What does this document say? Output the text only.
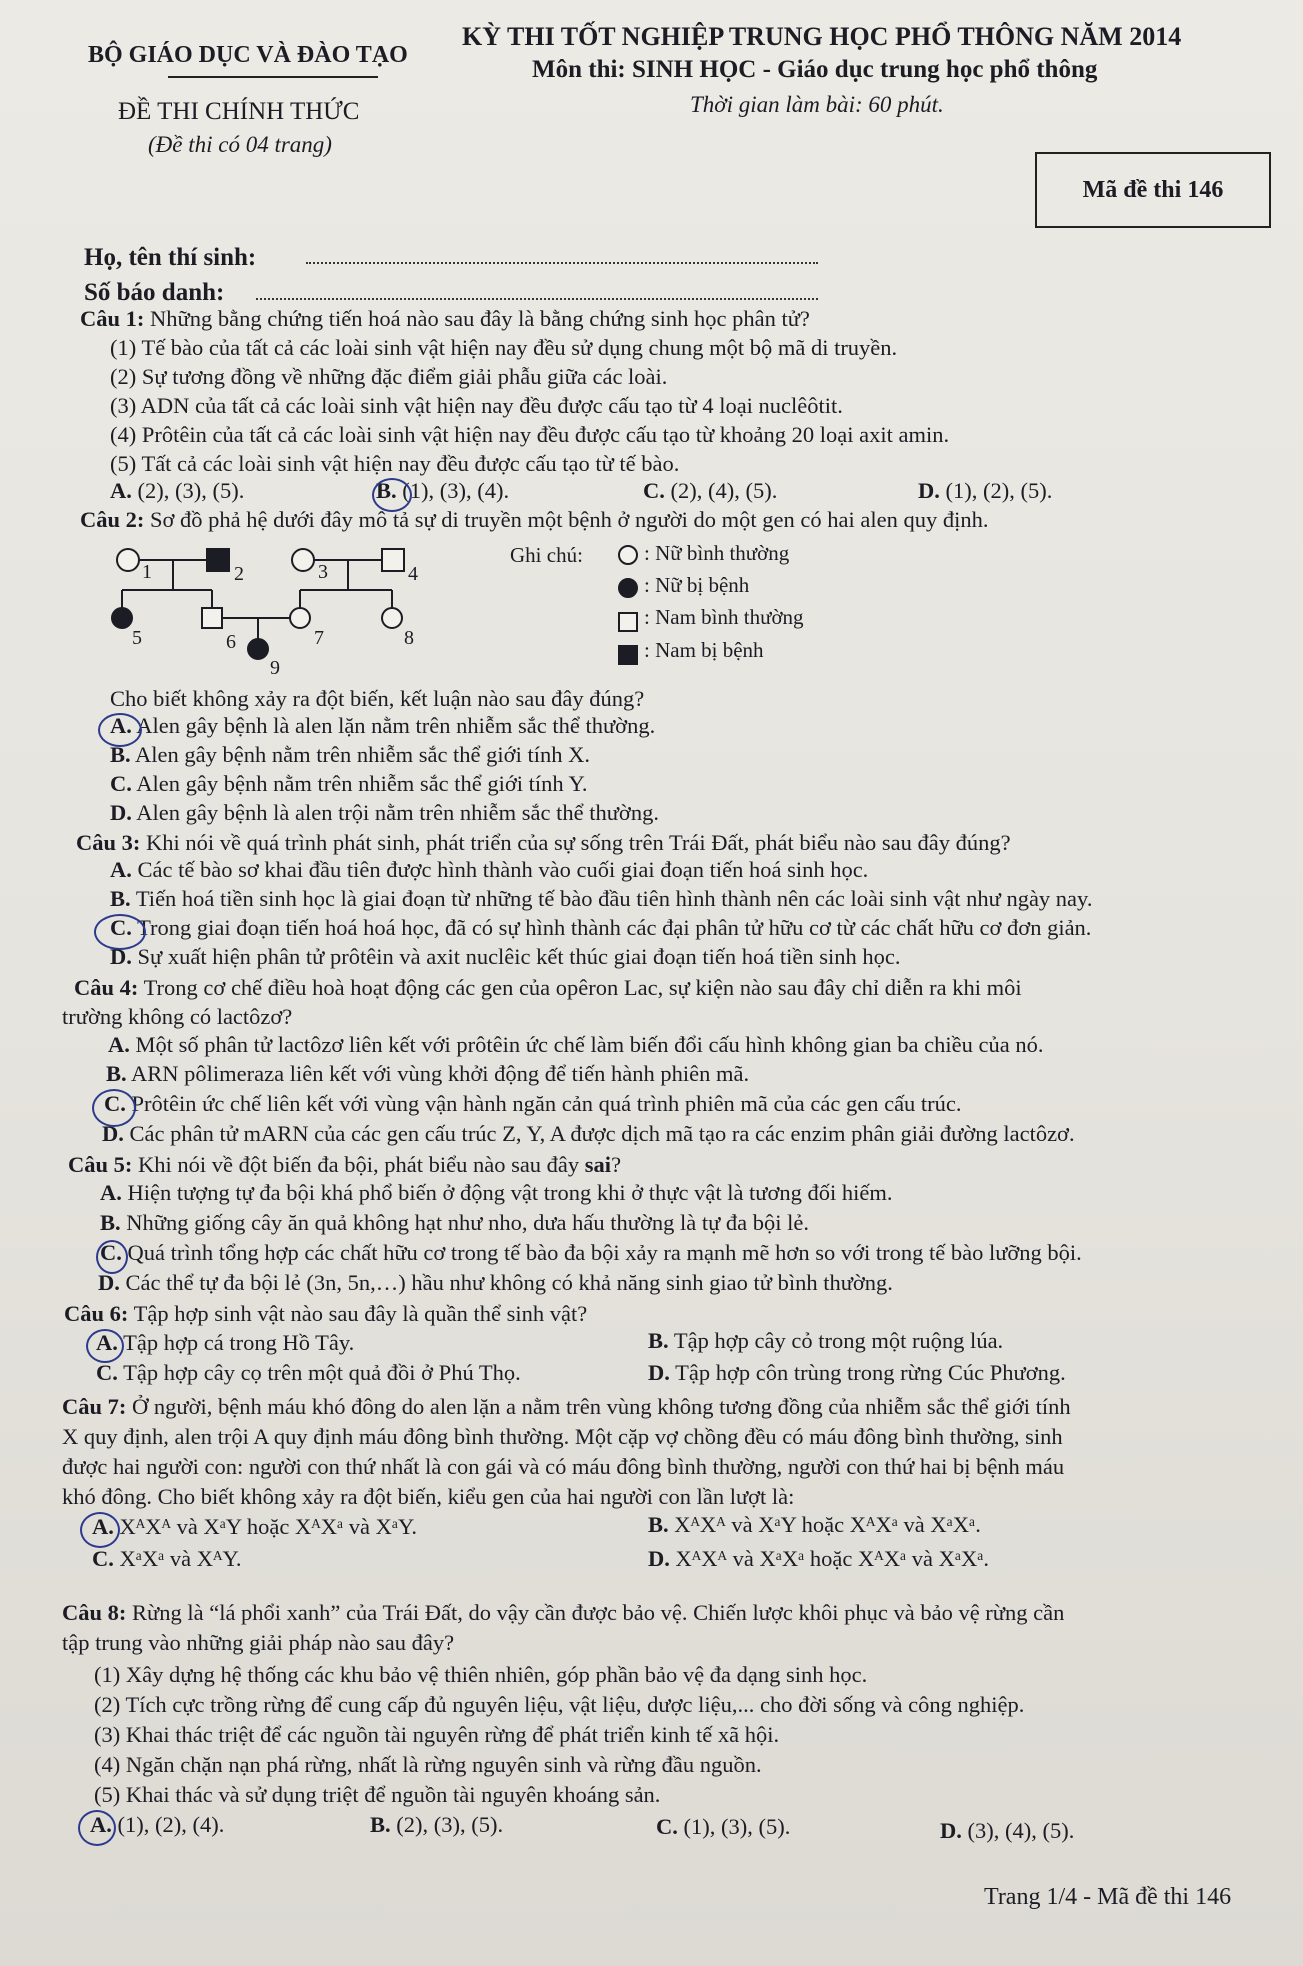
BỘ GIÁO DỤC VÀ ĐÀO TẠO
KỲ THI TỐT NGHIỆP TRUNG HỌC PHỔ THÔNG NĂM 2014
Môn thi: SINH HỌC - Giáo dục trung học phổ thông
ĐỀ THI CHÍNH THỨC
(Đề thi có 04 trang)
Thời gian làm bài: 60 phút.
Mã đề thi 146
Họ, tên thí sinh:
Số báo danh:
Câu 1: Những bằng chứng tiến hoá nào sau đây là bằng chứng sinh học phân tử?
(1) Tế bào của tất cả các loài sinh vật hiện nay đều sử dụng chung một bộ mã di truyền.
(2) Sự tương đồng về những đặc điểm giải phẫu giữa các loài.
(3) ADN của tất cả các loài sinh vật hiện nay đều được cấu tạo từ 4 loại nuclêôtit.
(4) Prôtêin của tất cả các loài sinh vật hiện nay đều được cấu tạo từ khoảng 20 loại axit amin.
(5) Tất cả các loài sinh vật hiện nay đều được cấu tạo từ tế bào.
A. (2), (3), (5).	B. (1), (3), (4).	C. (2), (4), (5).	D. (1), (2), (5).
Câu 2: Sơ đồ phả hệ dưới đây mô tả sự di truyền một bệnh ở người do một gen có hai alen quy định.
1	2	3	4
5	6	7	8
9
Ghi chú:	: Nữ bình thường
: Nữ bị bệnh
: Nam bình thường
: Nam bị bệnh
Cho biết không xảy ra đột biến, kết luận nào sau đây đúng?
A. Alen gây bệnh là alen lặn nằm trên nhiễm sắc thể thường.
B. Alen gây bệnh nằm trên nhiễm sắc thể giới tính X.
C. Alen gây bệnh nằm trên nhiễm sắc thể giới tính Y.
D. Alen gây bệnh là alen trội nằm trên nhiễm sắc thể thường.
Câu 3: Khi nói về quá trình phát sinh, phát triển của sự sống trên Trái Đất, phát biểu nào sau đây đúng?
A. Các tế bào sơ khai đầu tiên được hình thành vào cuối giai đoạn tiến hoá sinh học.
B. Tiến hoá tiền sinh học là giai đoạn từ những tế bào đầu tiên hình thành nên các loài sinh vật như ngày nay.
C. Trong giai đoạn tiến hoá hoá học, đã có sự hình thành các đại phân tử hữu cơ từ các chất hữu cơ đơn giản.
D. Sự xuất hiện phân tử prôtêin và axit nuclêic kết thúc giai đoạn tiến hoá tiền sinh học.
Câu 4: Trong cơ chế điều hoà hoạt động các gen của opêron Lac, sự kiện nào sau đây chỉ diễn ra khi môi
trường không có lactôzơ?
A. Một số phân tử lactôzơ liên kết với prôtêin ức chế làm biến đổi cấu hình không gian ba chiều của nó.
B. ARN pôlimeraza liên kết với vùng khởi động để tiến hành phiên mã.
C. Prôtêin ức chế liên kết với vùng vận hành ngăn cản quá trình phiên mã của các gen cấu trúc.
D. Các phân tử mARN của các gen cấu trúc Z, Y, A được dịch mã tạo ra các enzim phân giải đường lactôzơ.
Câu 5: Khi nói về đột biến đa bội, phát biểu nào sau đây sai?
A. Hiện tượng tự đa bội khá phổ biến ở động vật trong khi ở thực vật là tương đối hiếm.
B. Những giống cây ăn quả không hạt như nho, dưa hấu thường là tự đa bội lẻ.
C. Quá trình tổng hợp các chất hữu cơ trong tế bào đa bội xảy ra mạnh mẽ hơn so với trong tế bào lưỡng bội.
D. Các thể tự đa bội lẻ (3n, 5n,…) hầu như không có khả năng sinh giao tử bình thường.
Câu 6: Tập hợp sinh vật nào sau đây là quần thể sinh vật?
A. Tập hợp cá trong Hồ Tây.	B. Tập hợp cây cỏ trong một ruộng lúa.
C. Tập hợp cây cọ trên một quả đồi ở Phú Thọ.	D. Tập hợp côn trùng trong rừng Cúc Phương.
Câu 7: Ở người, bệnh máu khó đông do alen lặn a nằm trên vùng không tương đồng của nhiễm sắc thể giới tính
X quy định, alen trội A quy định máu đông bình thường. Một cặp vợ chồng đều có máu đông bình thường, sinh
được hai người con: người con thứ nhất là con gái và có máu đông bình thường, người con thứ hai bị bệnh máu
khó đông. Cho biết không xảy ra đột biến, kiểu gen của hai người con lần lượt là:
A. XᴬXᴬ và XᵃY hoặc XᴬXᵃ và XᵃY.	B. XᴬXᴬ và XᵃY hoặc XᴬXᵃ và XᵃXᵃ.
C. XᵃXᵃ và XᴬY.	D. XᴬXᴬ và XᵃXᵃ hoặc XᴬXᵃ và XᵃXᵃ.
Câu 8: Rừng là “lá phổi xanh” của Trái Đất, do vậy cần được bảo vệ. Chiến lược khôi phục và bảo vệ rừng cần
tập trung vào những giải pháp nào sau đây?
(1) Xây dựng hệ thống các khu bảo vệ thiên nhiên, góp phần bảo vệ đa dạng sinh học.
(2) Tích cực trồng rừng để cung cấp đủ nguyên liệu, vật liệu, dược liệu,... cho đời sống và công nghiệp.
(3) Khai thác triệt để các nguồn tài nguyên rừng để phát triển kinh tế xã hội.
(4) Ngăn chặn nạn phá rừng, nhất là rừng nguyên sinh và rừng đầu nguồn.
(5) Khai thác và sử dụng triệt để nguồn tài nguyên khoáng sản.
A. (1), (2), (4).	B. (2), (3), (5).	C. (1), (3), (5).	D. (3), (4), (5).
Trang 1/4 - Mã đề thi 146
